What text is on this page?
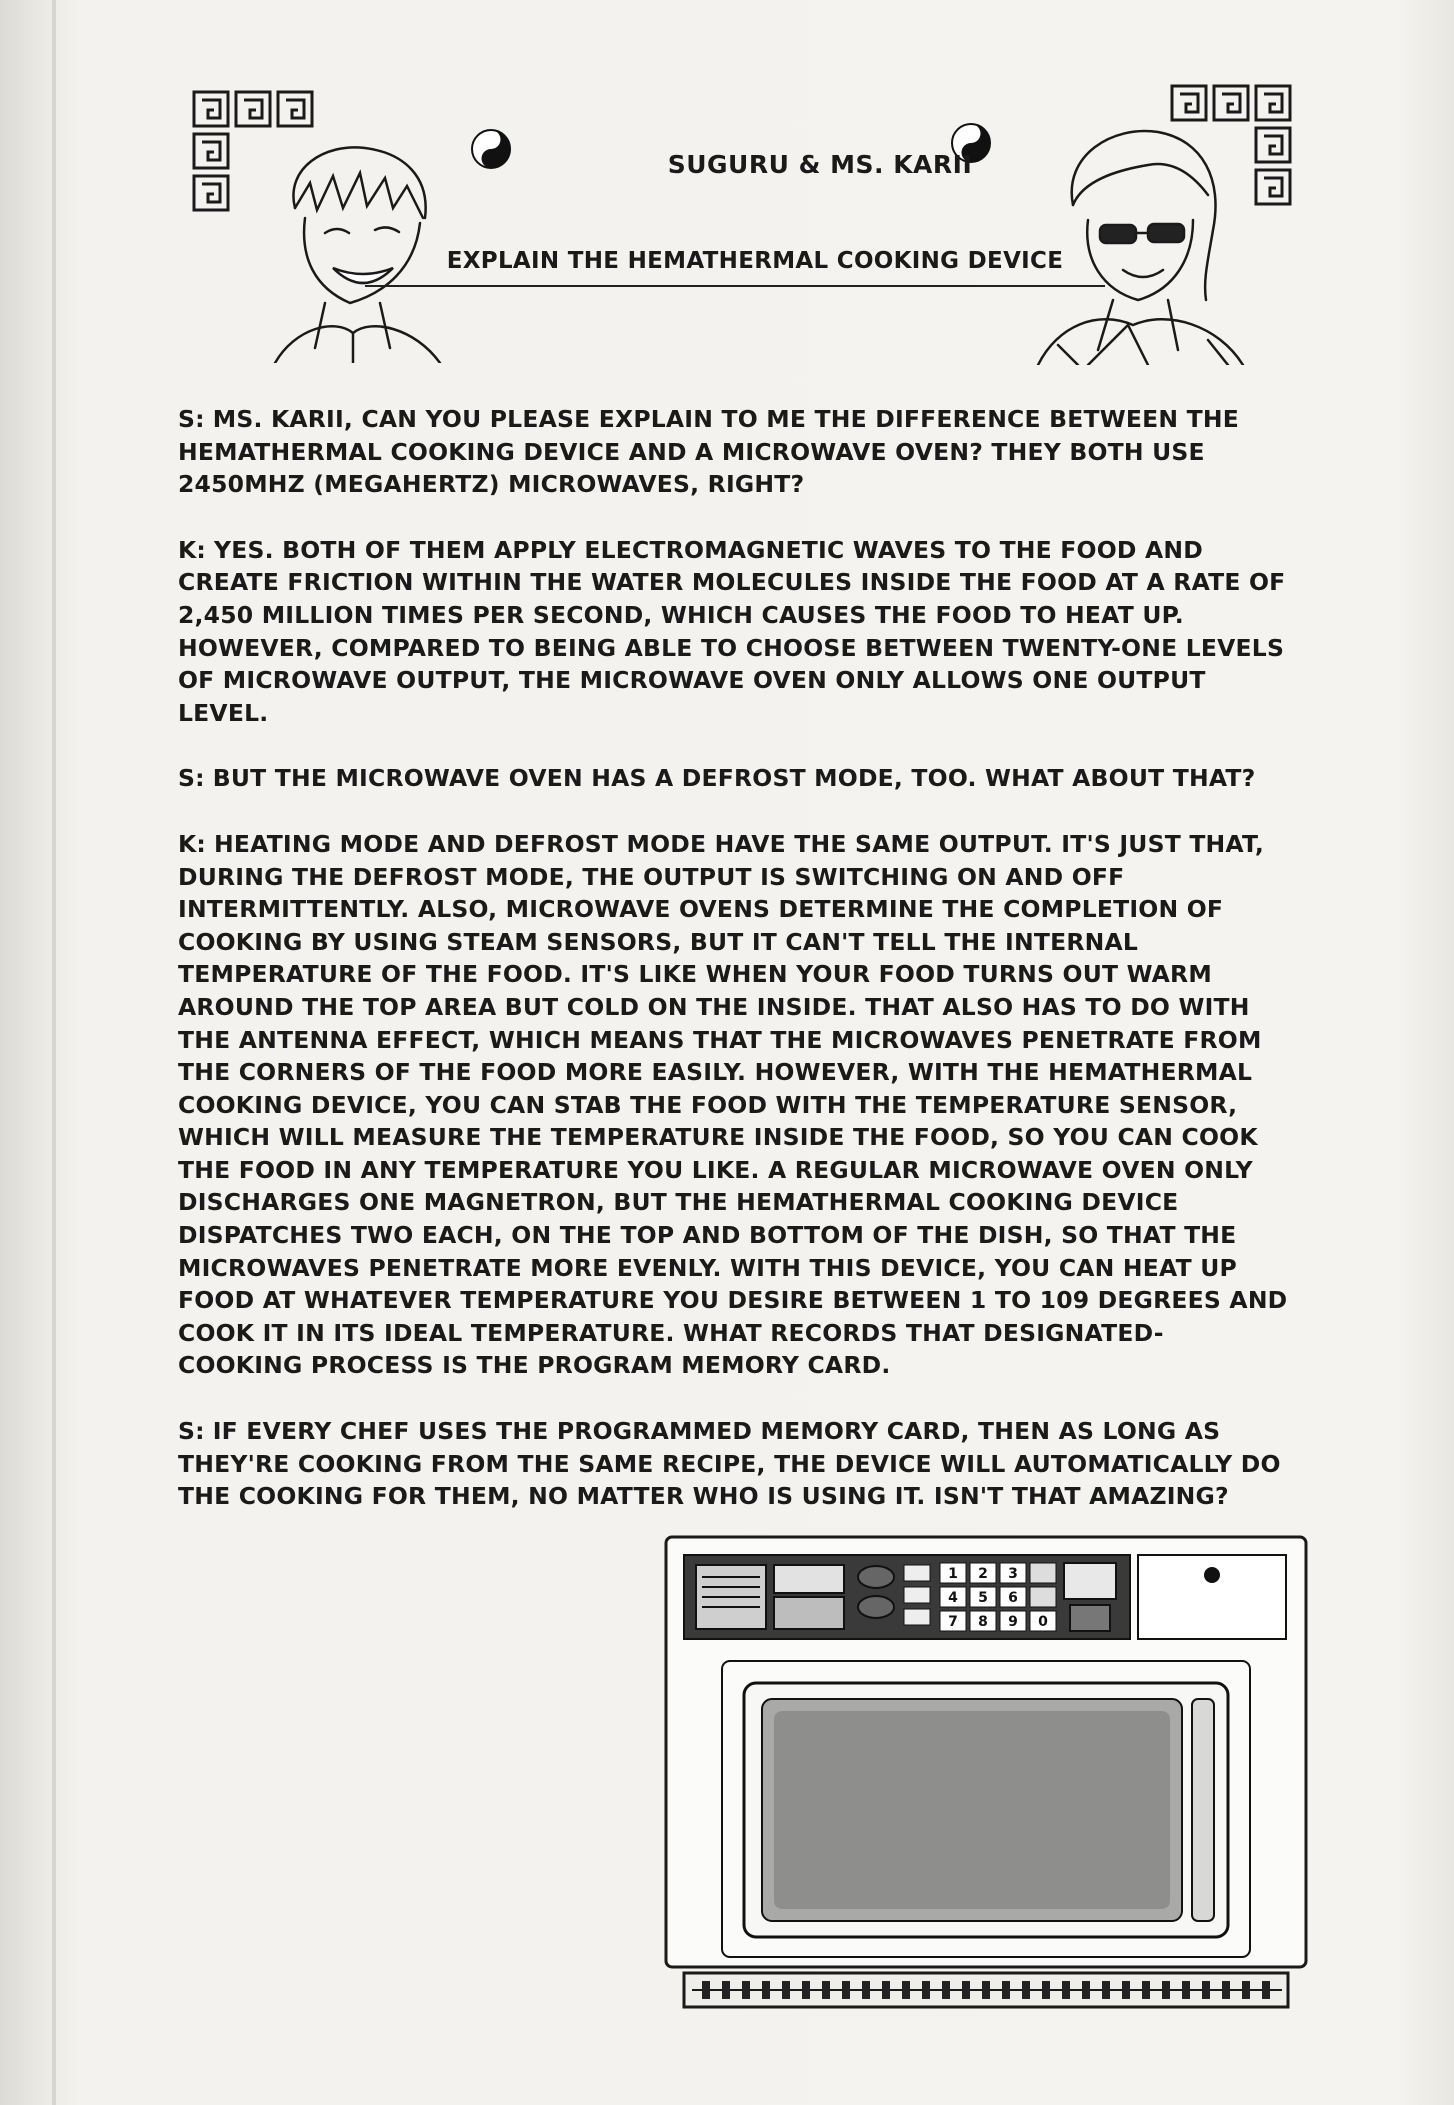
SUGURU & MS. KARII
EXPLAIN THE HEMATHERMAL COOKING DEVICE
S: MS. KARII, CAN YOU PLEASE EXPLAIN TO ME THE DIFFERENCE BETWEEN THE HEMATHERMAL COOKING DEVICE AND A MICROWAVE OVEN? THEY BOTH USE 2450MHZ (MEGAHERTZ) MICROWAVES, RIGHT?
K: YES. BOTH OF THEM APPLY ELECTROMAGNETIC WAVES TO THE FOOD AND CREATE FRICTION WITHIN THE WATER MOLECULES INSIDE THE FOOD AT A RATE OF 2,450 MILLION TIMES PER SECOND, WHICH CAUSES THE FOOD TO HEAT UP. HOWEVER, COMPARED TO BEING ABLE TO CHOOSE BETWEEN TWENTY-ONE LEVELS OF MICROWAVE OUTPUT, THE MICROWAVE OVEN ONLY ALLOWS ONE OUTPUT LEVEL.
S: BUT THE MICROWAVE OVEN HAS A DEFROST MODE, TOO. WHAT ABOUT THAT?
K: HEATING MODE AND DEFROST MODE HAVE THE SAME OUTPUT. IT'S JUST THAT, DURING THE DEFROST MODE, THE OUTPUT IS SWITCHING ON AND OFF INTERMITTENTLY. ALSO, MICROWAVE OVENS DETERMINE THE COMPLETION OF COOKING BY USING STEAM SENSORS, BUT IT CAN'T TELL THE INTERNAL TEMPERATURE OF THE FOOD. IT'S LIKE WHEN YOUR FOOD TURNS OUT WARM AROUND THE TOP AREA BUT COLD ON THE INSIDE. THAT ALSO HAS TO DO WITH THE ANTENNA EFFECT, WHICH MEANS THAT THE MICROWAVES PENETRATE FROM THE CORNERS OF THE FOOD MORE EASILY. HOWEVER, WITH THE HEMATHERMAL COOKING DEVICE, YOU CAN STAB THE FOOD WITH THE TEMPERATURE SENSOR, WHICH WILL MEASURE THE TEMPERATURE INSIDE THE FOOD, SO YOU CAN COOK THE FOOD IN ANY TEMPERATURE YOU LIKE. A REGULAR MICROWAVE OVEN ONLY DISCHARGES ONE MAGNETRON, BUT THE HEMATHERMAL COOKING DEVICE DISPATCHES TWO EACH, ON THE TOP AND BOTTOM OF THE DISH, SO THAT THE MICROWAVES PENETRATE MORE EVENLY. WITH THIS DEVICE, YOU CAN HEAT UP FOOD AT WHATEVER TEMPERATURE YOU DESIRE BETWEEN 1 TO 109 DEGREES AND COOK IT IN ITS IDEAL TEMPERATURE. WHAT RECORDS THAT DESIGNATED-COOKING PROCESS IS THE PROGRAM MEMORY CARD.
S: IF EVERY CHEF USES THE PROGRAMMED MEMORY CARD, THEN AS LONG AS THEY'RE COOKING FROM THE SAME RECIPE, THE DEVICE WILL AUTOMATICALLY DO THE COOKING FOR THEM, NO MATTER WHO IS USING IT. ISN'T THAT AMAZING?
1 2 3
4 5 6
7 8 9 0
